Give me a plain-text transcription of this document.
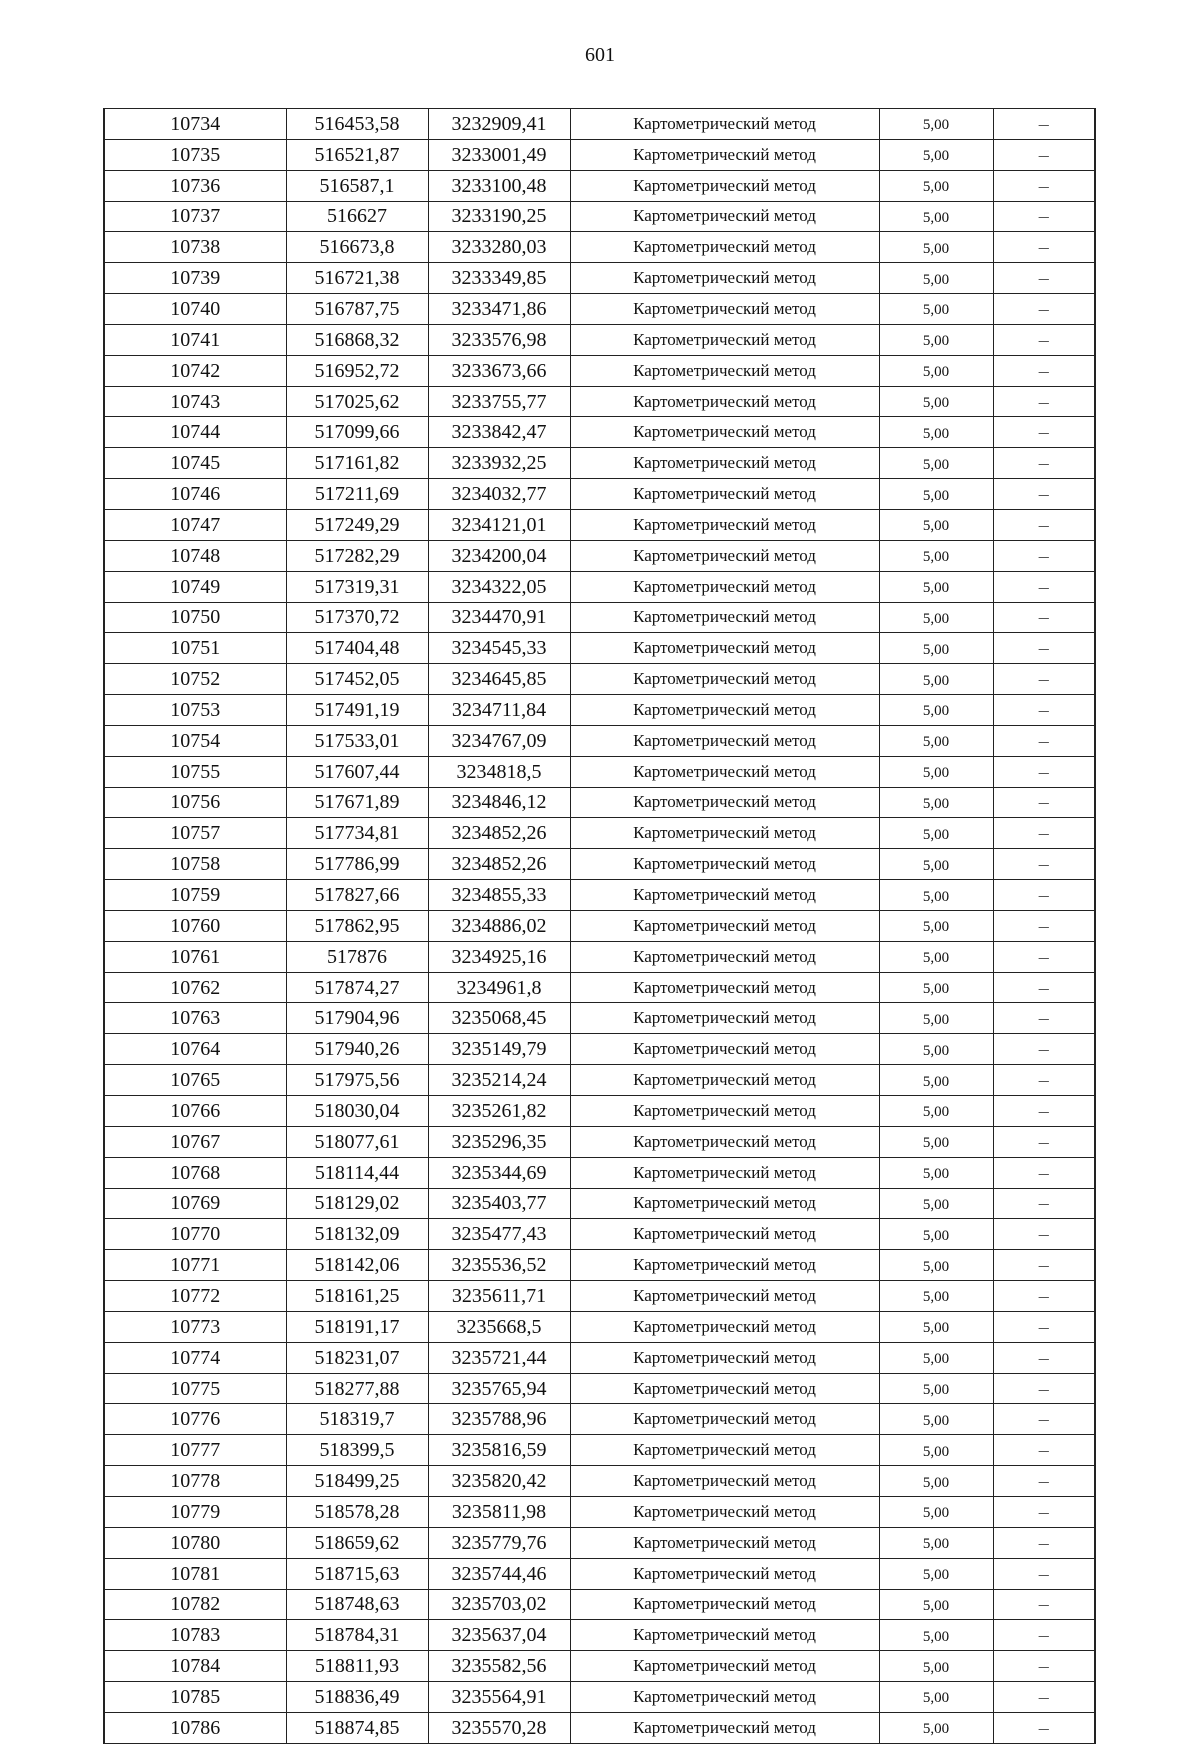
601
10734	516453,58	3232909,41	Картометрический метод	5,00	–
10735	516521,87	3233001,49	Картометрический метод	5,00	–
10736	516587,1	3233100,48	Картометрический метод	5,00	–
10737	516627	3233190,25	Картометрический метод	5,00	–
10738	516673,8	3233280,03	Картометрический метод	5,00	–
10739	516721,38	3233349,85	Картометрический метод	5,00	–
10740	516787,75	3233471,86	Картометрический метод	5,00	–
10741	516868,32	3233576,98	Картометрический метод	5,00	–
10742	516952,72	3233673,66	Картометрический метод	5,00	–
10743	517025,62	3233755,77	Картометрический метод	5,00	–
10744	517099,66	3233842,47	Картометрический метод	5,00	–
10745	517161,82	3233932,25	Картометрический метод	5,00	–
10746	517211,69	3234032,77	Картометрический метод	5,00	–
10747	517249,29	3234121,01	Картометрический метод	5,00	–
10748	517282,29	3234200,04	Картометрический метод	5,00	–
10749	517319,31	3234322,05	Картометрический метод	5,00	–
10750	517370,72	3234470,91	Картометрический метод	5,00	–
10751	517404,48	3234545,33	Картометрический метод	5,00	–
10752	517452,05	3234645,85	Картометрический метод	5,00	–
10753	517491,19	3234711,84	Картометрический метод	5,00	–
10754	517533,01	3234767,09	Картометрический метод	5,00	–
10755	517607,44	3234818,5	Картометрический метод	5,00	–
10756	517671,89	3234846,12	Картометрический метод	5,00	–
10757	517734,81	3234852,26	Картометрический метод	5,00	–
10758	517786,99	3234852,26	Картометрический метод	5,00	–
10759	517827,66	3234855,33	Картометрический метод	5,00	–
10760	517862,95	3234886,02	Картометрический метод	5,00	–
10761	517876	3234925,16	Картометрический метод	5,00	–
10762	517874,27	3234961,8	Картометрический метод	5,00	–
10763	517904,96	3235068,45	Картометрический метод	5,00	–
10764	517940,26	3235149,79	Картометрический метод	5,00	–
10765	517975,56	3235214,24	Картометрический метод	5,00	–
10766	518030,04	3235261,82	Картометрический метод	5,00	–
10767	518077,61	3235296,35	Картометрический метод	5,00	–
10768	518114,44	3235344,69	Картометрический метод	5,00	–
10769	518129,02	3235403,77	Картометрический метод	5,00	–
10770	518132,09	3235477,43	Картометрический метод	5,00	–
10771	518142,06	3235536,52	Картометрический метод	5,00	–
10772	518161,25	3235611,71	Картометрический метод	5,00	–
10773	518191,17	3235668,5	Картометрический метод	5,00	–
10774	518231,07	3235721,44	Картометрический метод	5,00	–
10775	518277,88	3235765,94	Картометрический метод	5,00	–
10776	518319,7	3235788,96	Картометрический метод	5,00	–
10777	518399,5	3235816,59	Картометрический метод	5,00	–
10778	518499,25	3235820,42	Картометрический метод	5,00	–
10779	518578,28	3235811,98	Картометрический метод	5,00	–
10780	518659,62	3235779,76	Картометрический метод	5,00	–
10781	518715,63	3235744,46	Картометрический метод	5,00	–
10782	518748,63	3235703,02	Картометрический метод	5,00	–
10783	518784,31	3235637,04	Картометрический метод	5,00	–
10784	518811,93	3235582,56	Картометрический метод	5,00	–
10785	518836,49	3235564,91	Картометрический метод	5,00	–
10786	518874,85	3235570,28	Картометрический метод	5,00	–
